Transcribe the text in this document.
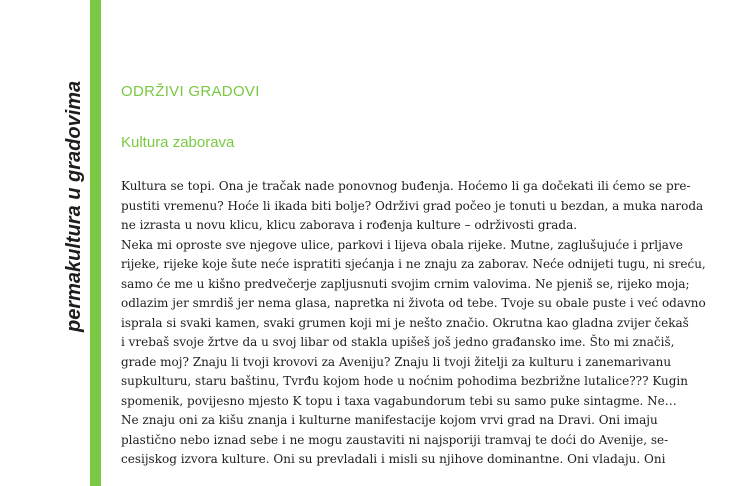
permakultura u gradovima ODRŽIVI GRADOVI
Kultura zaborava
Kultura se topi. Ona je tračak nade ponovnog buđenja. Hoćemo li ga dočekati ili ćemo se pre-
pustiti vremenu? Hoće li ikada biti bolje? Održivi grad počeo je tonuti u bezdan, a muka naroda
ne izrasta u novu klicu, klicu zaborava i rođenja kulture – održivosti grada.
Neka mi oproste sve njegove ulice, parkovi i lijeva obala rijeke. Mutne, zaglušujuće i prljave
rijeke, rijeke koje šute neće ispratiti sjećanja i ne znaju za zaborav. Neće odnijeti tugu, ni sreću,
samo će me u kišno predvečerje zapljusnuti svojim crnim valovima. Ne pjeniš se, rijeko moja;
odlazim jer smrdiš jer nema glasa, napretka ni života od tebe. Tvoje su obale puste i već odavno
isprala si svaki kamen, svaki grumen koji mi je nešto značio. Okrutna kao gladna zvijer čekaš
i vrebaš svoje žrtve da u svoj libar od stakla upišeš još jedno građansko ime. Što mi značiš,
grade moj? Znaju li tvoji krovovi za Aveniju? Znaju li tvoji žitelji za kulturu i zanemarivanu
supkulturu, staru baštinu, Tvrđu kojom hode u noćnim pohodima bezbrižne lutalice??? Kugin
spomenik, povijesno mjesto K topu i taxa vagabundorum tebi su samo puke sintagme. Ne…
Ne znaju oni za kišu znanja i kulturne manifestacije kojom vrvi grad na Dravi. Oni imaju
plastično nebo iznad sebe i ne mogu zaustaviti ni najsporiji tramvaj te doći do Avenije, se-
cesijskog izvora kulture. Oni su prevladali i misli su njihove dominantne. Oni vladaju. Oni
